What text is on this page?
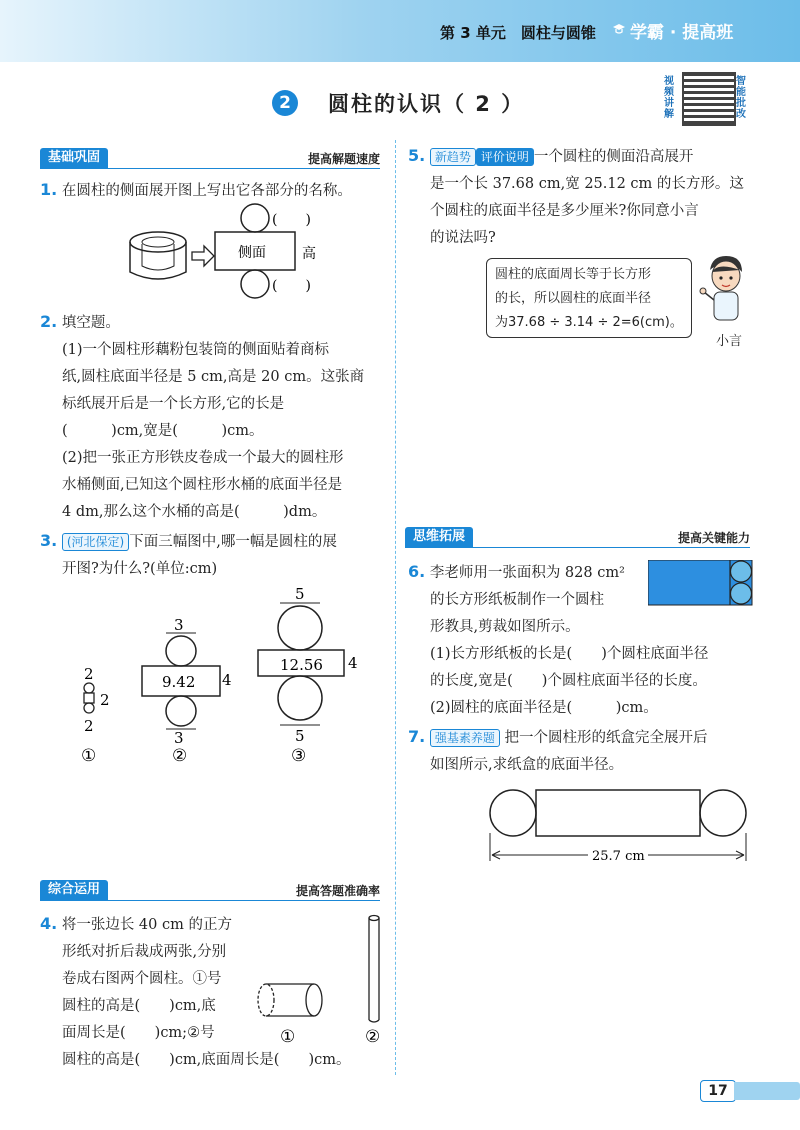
第 3 单元　圆柱与圆锥 学霸 · 提高班
2	圆柱的认识（ 2 ）
视频讲解
智能批改
基础巩固	提高解题速度
1. 在圆柱的侧面展开图上写出它各部分的名称。
侧面	高
(　　)
(　　)
2. 填空题。
(1)一个圆柱形藕粉包装筒的侧面贴着商标
纸,圆柱底面半径是 5 cm,高是 20 cm。这张商
标纸展开后是一个长方形,它的长是
(　　　)cm,宽是(　　　)cm。
(2)把一张正方形铁皮卷成一个最大的圆柱形
水桶侧面,已知这个圆柱形水桶的底面半径是
4 dm,那么这个水桶的高是(　　　)dm。
3. (河北保定) 下面三幅图中,哪一幅是圆柱的展
开图?为什么?(单位:cm)
2
2
2
①
3
9.42 4
3
②
5
12.56 4
5
③
综合运用	提高答题准确率
4. 将一张边长 40 cm 的正方
形纸对折后裁成两张,分别
卷成右图两个圆柱。①号
圆柱的高是(　　)cm,底
面周长是(　　)cm;②号
圆柱的高是(　　)cm,底面周长是(　　)cm。
①	②
5. 新趋势 评价说明 一个圆柱的侧面沿高展开
是一个长 37.68 cm,宽 25.12 cm 的长方形。这
个圆柱的底面半径是多少厘米?你同意小言
的说法吗?
圆柱的底面周长等于长方形
的长，所以圆柱的底面半径
为37.68 ÷ 3.14 ÷ 2=6(cm)。
小言
思维拓展	提高关键能力
6. 李老师用一张面积为 828 cm²
的长方形纸板制作一个圆柱
形教具,剪裁如图所示。
(1)长方形纸板的长是(　　)个圆柱底面半径
的长度,宽是(　　)个圆柱底面半径的长度。
(2)圆柱的底面半径是(　　　)cm。
7. 强基素养题 把一个圆柱形的纸盒完全展开后
如图所示,求纸盒的底面半径。
25.7 cm
17
